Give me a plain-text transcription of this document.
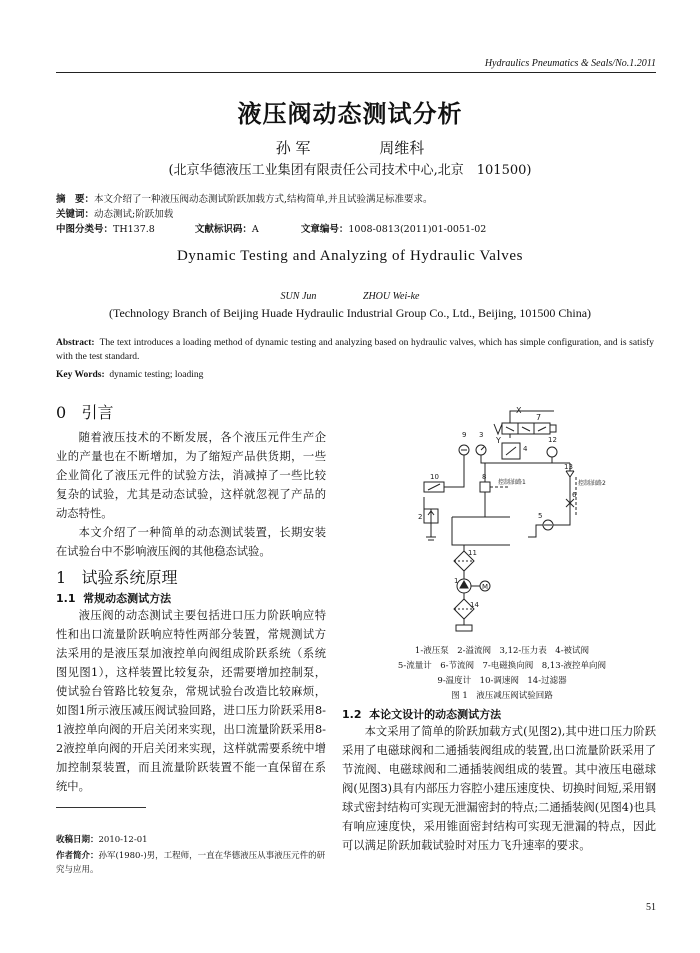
Hydraulics Pneumatics & Seals/No.1.2011
液压阀动态测试分析
孙 军	周维科
(北京华德液压工业集团有限责任公司技术中心,北京　101500)
摘　要：本文介绍了一种液压阀动态测试阶跃加载方式,结构简单,并且试验满足标准要求。
关键词：动态测试;阶跃加载
中图分类号：TH137.8	文献标识码：A	文章编号：1008-0813(2011)01-0051-02
Dynamic Testing and Analyzing of Hydraulic Valves
SUN Jun	ZHOU Wei-ke
(Technology Branch of Beijing Huade Hydraulic Industrial Group Co., Ltd., Beijing, 101500 China)
Abstract: The text introduces a loading method of dynamic testing and analyzing based on hydraulic valves, which has simple configuration, and is satisfy with the test standard.
Key Words: dynamic testing; loading
0 引言
随着液压技术的不断发展，各个液压元件生产企业的产量也在不断增加，为了缩短产品供货期，一些企业简化了液压元件的试验方法，消减掉了一些比较复杂的试验，尤其是动态试验，这样就忽视了产品的动态特性。
本文介绍了一种简单的动态测试装置，长期安装在试验台中不影响液压阀的其他稳态试验。
1 试验系统原理
1.1 常规动态测试方法
液压阀的动态测试主要包括进口压力阶跃响应特性和出口流量阶跃响应特性两部分装置，常规测试方法采用的是液压泵加液控单向阀组成阶跃系统（系统图见图1），这样装置比较复杂，还需要增加控制泵，使试验台管路比较复杂，常规试验台改造比较麻烦，如图1所示液压减压阀试验回路，进口压力阶跃采用8-1液控单向阀的开启关闭来实现，出口流量阶跃采用8-2液控单向阀的开启关闭来实现，这样就需要系统中增加控制泵装置，而且流量阶跃装置不能一直保留在系统中。
收稿日期：2010-12-01
作者简介：孙军(1980-)男，工程师，一直在华德液压从事液压元件的研究与应用。
X
7
Y
9 3
4
12
13
控制油路2
8
控制油路1
10
2
6
5
11
1
M
14
1-液压泵　2-溢流阀　3,12-压力表　4-被试阀
5-流量计　6-节流阀　7-电磁换向阀　8,13-液控单向阀
9-温度计　10-调速阀　14-过滤器
图 1　液压减压阀试验回路
1.2 本论文设计的动态测试方法
本文采用了简单的阶跃加载方式(见图2),其中进口压力阶跃采用了电磁球阀和二通插装阀组成的装置,出口流量阶跃采用了节流阀、电磁球阀和二通插装阀组成的装置。其中液压电磁球阀(见图3)具有内部压力容腔小建压速度快、切换时间短,采用钢球式密封结构可实现无泄漏密封的特点;二通插装阀(见图4)也具有响应速度快，采用锥面密封结构可实现无泄漏的特点，因此可以满足阶跃加载试验时对压力飞升速率的要求。
51
